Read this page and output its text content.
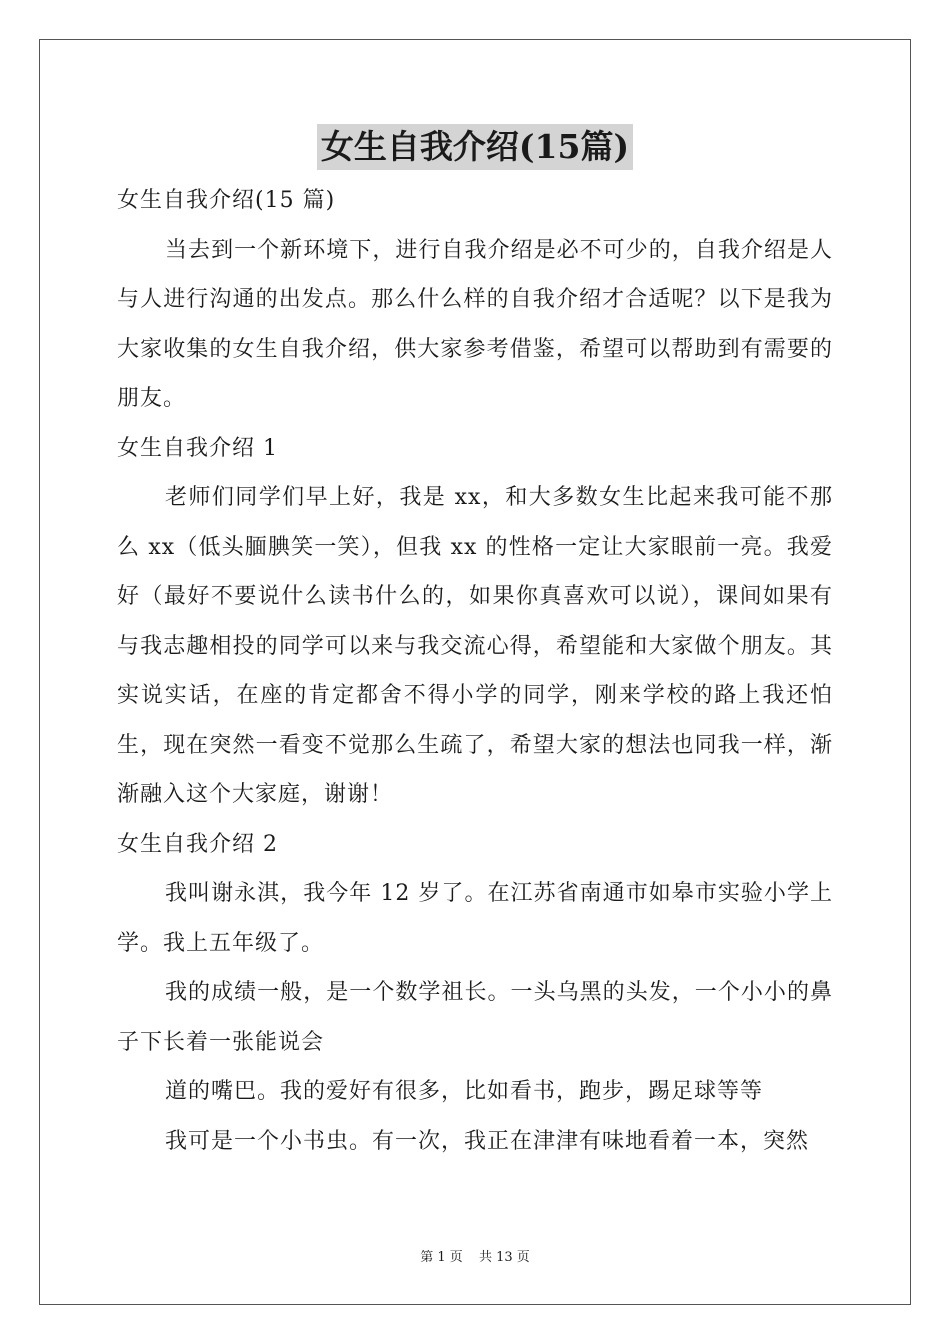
女生自我介绍(15篇)

女生自我介绍(15 篇)

当去到一个新环境下，进行自我介绍是必不可少的，自我介绍是人与人进行沟通的出发点。那么什么样的自我介绍才合适呢？以下是我为大家收集的女生自我介绍，供大家参考借鉴，希望可以帮助到有需要的朋友。

女生自我介绍 1

老师们同学们早上好，我是 xx，和大多数女生比起来我可能不那么 xx（低头腼腆笑一笑），但我 xx 的性格一定让大家眼前一亮。我爱好（最好不要说什么读书什么的，如果你真喜欢可以说），课间如果有与我志趣相投的同学可以来与我交流心得，希望能和大家做个朋友。其实说实话，在座的肯定都舍不得小学的同学，刚来学校的路上我还怕生，现在突然一看变不觉那么生疏了，希望大家的想法也同我一样，渐渐融入这个大家庭，谢谢！

女生自我介绍 2

我叫谢永淇，我今年 12 岁了。在江苏省南通市如皋市实验小学上学。我上五年级了。

我的成绩一般，是一个数学祖长。一头乌黑的头发，一个小小的鼻子下长着一张能说会

道的嘴巴。我的爱好有很多，比如看书，跑步，踢足球等等

我可是一个小书虫。有一次，我正在津津有味地看着一本，突然

第 1 页 共 13 页
